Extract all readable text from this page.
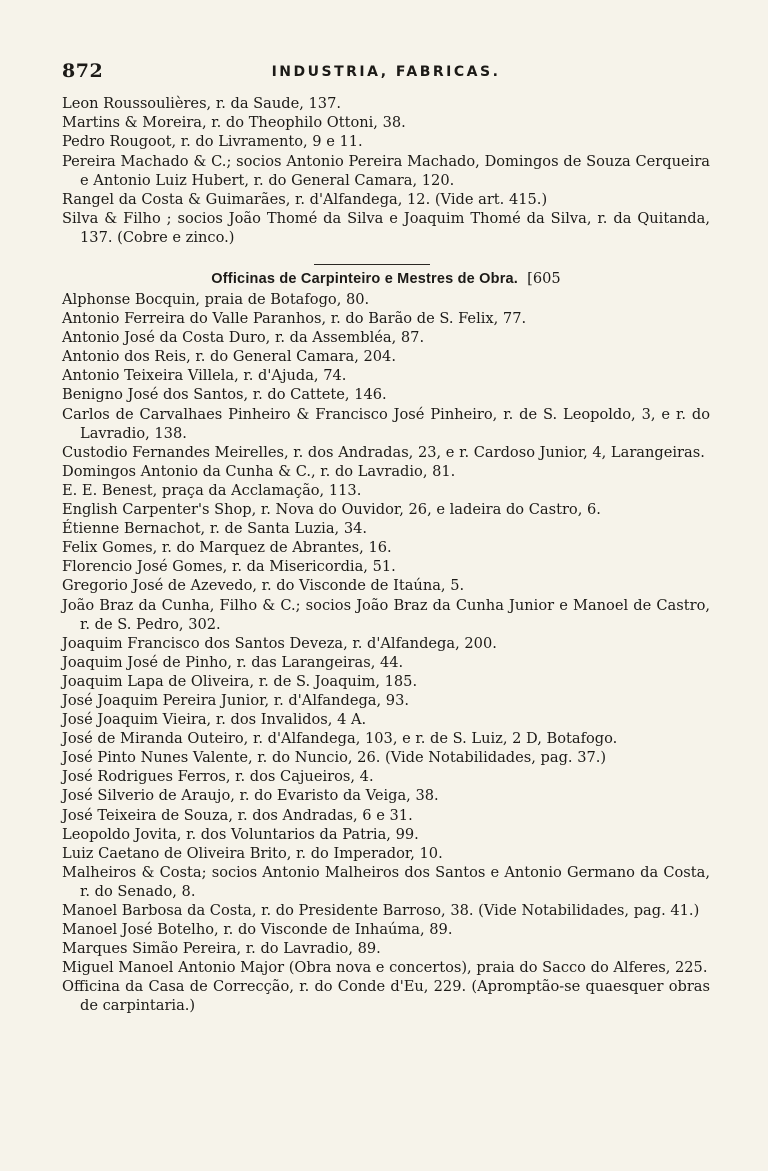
872	INDUSTRIA, FABRICAS.
Leon Roussoulières, r. da Saude, 137.
Martins & Moreira, r. do Theophilo Ottoni, 38.
Pedro Rougoot, r. do Livramento, 9 e 11.
Pereira Machado & C.; socios Antonio Pereira Machado, Domingos de Souza Cerqueira e Antonio Luiz Hubert, r. do General Camara, 120.
Rangel da Costa & Guimarães, r. d'Alfandega, 12. (Vide art. 415.)
Silva & Filho ; socios João Thomé da Silva e Joaquim Thomé da Silva, r. da Quitanda, 137. (Cobre e zinco.)
Officinas de Carpinteiro e Mestres de Obra. [605
Alphonse Bocquin, praia de Botafogo, 80.
Antonio Ferreira do Valle Paranhos, r. do Barão de S. Felix, 77.
Antonio José da Costa Duro, r. da Assembléa, 87.
Antonio dos Reis, r. do General Camara, 204.
Antonio Teixeira Villela, r. d'Ajuda, 74.
Benigno José dos Santos, r. do Cattete, 146.
Carlos de Carvalhaes Pinheiro & Francisco José Pinheiro, r. de S. Leopoldo, 3, e r. do Lavradio, 138.
Custodio Fernandes Meirelles, r. dos Andradas, 23, e r. Cardoso Junior, 4, Larangeiras.
Domingos Antonio da Cunha & C., r. do Lavradio, 81.
E. E. Benest, praça da Acclamação, 113.
English Carpenter's Shop, r. Nova do Ouvidor, 26, e ladeira do Castro, 6.
Étienne Bernachot, r. de Santa Luzia, 34.
Felix Gomes, r. do Marquez de Abrantes, 16.
Florencio José Gomes, r. da Misericordia, 51.
Gregorio José de Azevedo, r. do Visconde de Itaúna, 5.
João Braz da Cunha, Filho & C.; socios João Braz da Cunha Junior e Manoel de Castro, r. de S. Pedro, 302.
Joaquim Francisco dos Santos Deveza, r. d'Alfandega, 200.
Joaquim José de Pinho, r. das Larangeiras, 44.
Joaquim Lapa de Oliveira, r. de S. Joaquim, 185.
José Joaquim Pereira Junior, r. d'Alfandega, 93.
José Joaquim Vieira, r. dos Invalidos, 4 A.
José de Miranda Outeiro, r. d'Alfandega, 103, e r. de S. Luiz, 2 D, Botafogo.
José Pinto Nunes Valente, r. do Nuncio, 26. (Vide Notabilidades, pag. 37.)
José Rodrigues Ferros, r. dos Cajueiros, 4.
José Silverio de Araujo, r. do Evaristo da Veiga, 38.
José Teixeira de Souza, r. dos Andradas, 6 e 31.
Leopoldo Jovita, r. dos Voluntarios da Patria, 99.
Luiz Caetano de Oliveira Brito, r. do Imperador, 10.
Malheiros & Costa; socios Antonio Malheiros dos Santos e Antonio Germano da Costa, r. do Senado, 8.
Manoel Barbosa da Costa, r. do Presidente Barroso, 38. (Vide Notabilidades, pag. 41.)
Manoel José Botelho, r. do Visconde de Inhaúma, 89.
Marques Simão Pereira, r. do Lavradio, 89.
Miguel Manoel Antonio Major (Obra nova e concertos), praia do Sacco do Alferes, 225.
Officina da Casa de Correcção, r. do Conde d'Eu, 229. (Apromptão-se quaesquer obras de carpintaria.)
